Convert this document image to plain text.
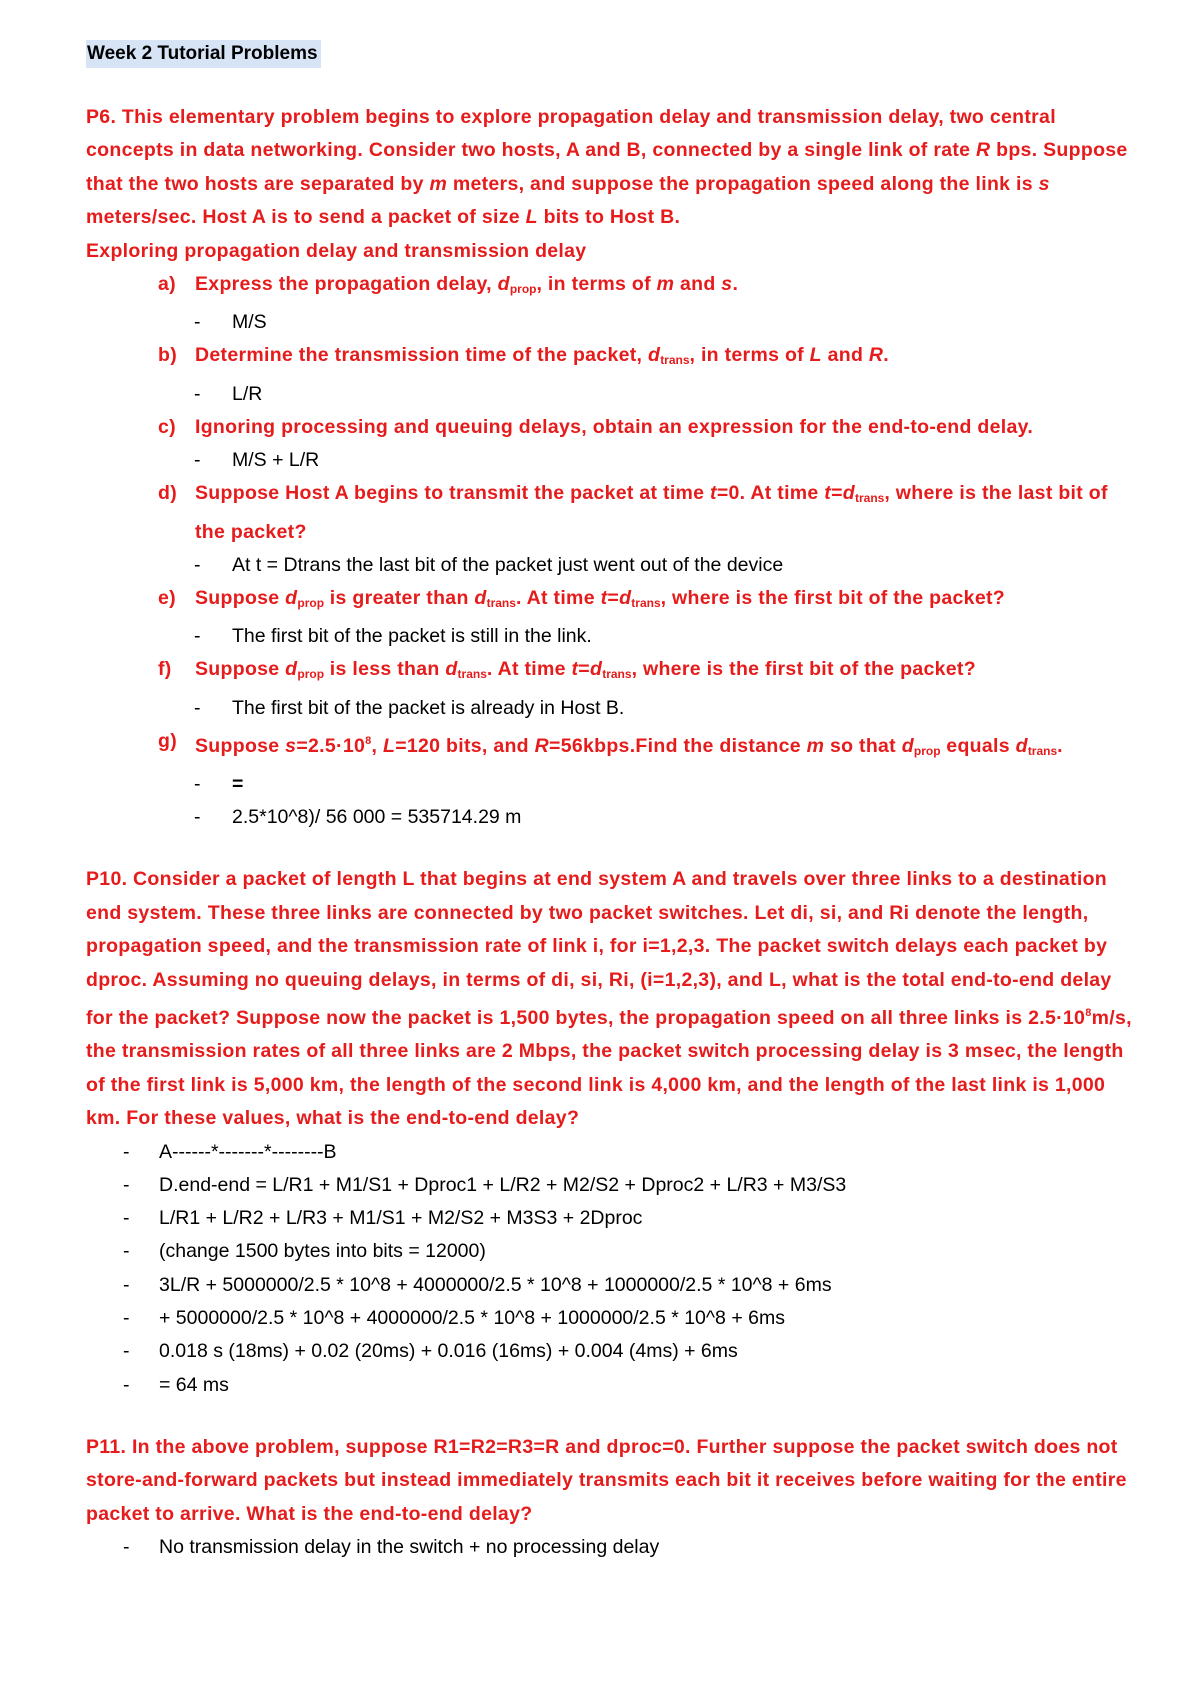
Week 2 Tutorial Problems
P6. This elementary problem begins to explore propagation delay and transmission delay, two central concepts in data networking. Consider two hosts, A and B, connected by a single link of rate R bps. Suppose that the two hosts are separated by m meters, and suppose the propagation speed along the link is s meters/sec. Host A is to send a packet of size L bits to Host B.
Exploring propagation delay and transmission delay
a) Express the propagation delay, $d_{prop}$, in terms of m and s.
- M/S
b) Determine the transmission time of the packet, $d_{trans}$, in terms of L and R.
- L/R
c) Ignoring processing and queuing delays, obtain an expression for the end-to-end delay.
- M/S + L/R
d) Suppose Host A begins to transmit the packet at time t=0. At time $t=d_{trans}$, where is the last bit of the packet?
- At t = Dtrans the last bit of the packet just went out of the device
e) Suppose $d_{prop}$ is greater than $d_{trans}$. At time $t=d_{trans}$, where is the first bit of the packet?
- The first bit of the packet is still in the link.
f) Suppose $d_{prop}$ is less than $d_{trans}$. At time $t=d_{trans}$, where is the first bit of the packet?
- The first bit of the packet is already in Host B.
g) Suppose $s=2.5\cdot 10^8$, L=120 bits, and R=56kbps.Find the distance m so that $d_{prop}$ equals $d_{trans}$.
- =
- 2.5*10^8)/ 56 000 = 535714.29 m
P10. Consider a packet of length L that begins at end system A and travels over three links to a destination end system. These three links are connected by two packet switches. Let di, si, and Ri denote the length, propagation speed, and the transmission rate of link i, for i=1,2,3. The packet switch delays each packet by dproc. Assuming no queuing delays, in terms of di, si, Ri, (i=1,2,3), and L, what is the total end-to-end delay for the packet? Suppose now the packet is 1,500 bytes, the propagation speed on all three links is $2.5\cdot 10^8m/s$, the transmission rates of all three links are 2 Mbps, the packet switch processing delay is 3 msec, the length of the first link is 5,000 km, the length of the second link is 4,000 km, and the length of the last link is 1,000 km. For these values, what is the end-to-end delay?
- A------*-------*--------B
- D.end-end = L/R1 + M1/S1 + Dproc1 + L/R2 + M2/S2 + Dproc2 + L/R3 + M3/S3
- L/R1 + L/R2 + L/R3 + M1/S1 + M2/S2 + M3S3 + 2Dproc
- (change 1500 bytes into bits = 12000)
- 3L/R + 5000000/2.5 * 10^8 + 4000000/2.5 * 10^8 + 1000000/2.5 * 10^8 + 6ms
- + 5000000/2.5 * 10^8 + 4000000/2.5 * 10^8 + 1000000/2.5 * 10^8 + 6ms
- 0.018 s (18ms) + 0.02 (20ms) + 0.016 (16ms) + 0.004 (4ms) + 6ms
- = 64 ms
P11. In the above problem, suppose R1=R2=R3=R and dproc=0. Further suppose the packet switch does not store-and-forward packets but instead immediately transmits each bit it receives before waiting for the entire packet to arrive. What is the end-to-end delay?
- No transmission delay in the switch + no processing delay
